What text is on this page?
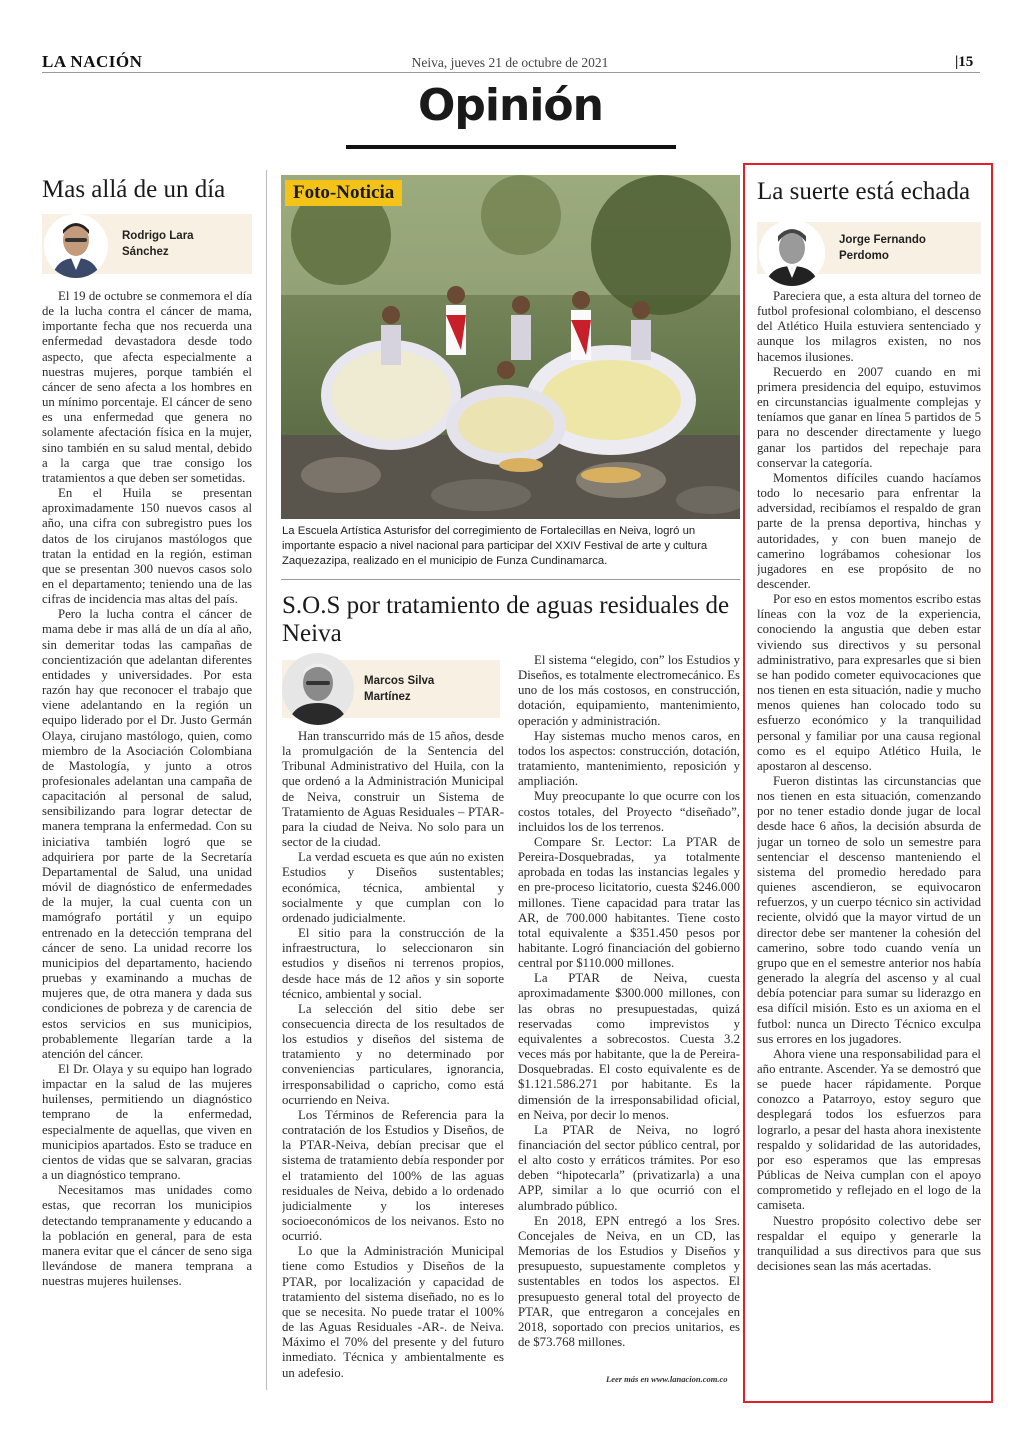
LA NACIÓN	Neiva, jueves 21 de octubre de 2021	|15
Opinión
Mas allá de un día
Rodrigo Lara
Sánchez

El 19 de octubre se conmemora el día de la lucha contra el cáncer de mama, importante fecha que nos recuerda una enfermedad devastadora desde todo aspecto, que afecta especialmente a nuestras mujeres, porque también el cáncer de seno afecta a los hombres en un mínimo porcentaje. El cáncer de seno es una enfermedad que genera no solamente afectación física en la mujer, sino también en su salud mental, debido a la carga que trae consigo los tratamientos a que deben ser sometidas.

En el Huila se presentan aproximadamente 150 nuevos casos al año, una cifra con subregistro pues los datos de los cirujanos mastólogos que tratan la entidad en la región, estiman que se presentan 300 nuevos casos solo en el departamento; teniendo una de las cifras de incidencia mas altas del país.

Pero la lucha contra el cáncer de mama debe ir mas allá de un día al año, sin demeritar todas las campañas de concientización que adelantan diferentes entidades y universidades. Por esta razón hay que reconocer el trabajo que viene adelantando en la región un equipo liderado por el Dr. Justo Germán Olaya, cirujano mastólogo, quien, como miembro de la Asociación Colombiana de Mastología, y junto a otros profesionales adelantan una campaña de capacitación al personal de salud, sensibilizando para lograr detectar de manera temprana la enfermedad. Con su iniciativa también logró que se adquiriera por parte de la Secretaría Departamental de Salud, una unidad móvil de diagnóstico de enfermedades de la mujer, la cual cuenta con un mamógrafo portátil y un equipo entrenado en la detección temprana del cáncer de seno. La unidad recorre los municipios del departamento, haciendo pruebas y examinando a muchas de mujeres que, de otra manera y dada sus condiciones de pobreza y de carencia de estos servicios en sus municipios, probablemente llegarían tarde a la atención del cáncer.

El Dr. Olaya y su equipo han logrado impactar en la salud de las mujeres huilenses, permitiendo un diagnóstico temprano de la enfermedad, especialmente de aquellas, que viven en municipios apartados. Esto se traduce en cientos de vidas que se salvaran, gracias a un diagnóstico temprano.

Necesitamos mas unidades como estas, que recorran los municipios detectando tempranamente y educando a la población en general, para de esta manera evitar que el cáncer de seno siga llevándose de manera temprana a nuestras mujeres huilenses.

Foto-Noticia
La Escuela Artística Asturisfor del corregimiento de Fortalecillas en Neiva, logró un importante espacio a nivel nacional para participar del XXIV Festival de arte y cultura Zaquezazipa, realizado en el municipio de Funza Cundinamarca.
S.O.S por tratamiento de aguas residuales de Neiva
Marcos Silva
Martínez

Han transcurrido más de 15 años, desde la promulgación de la Sentencia del Tribunal Administrativo del Huila, con la que ordenó a la Administración Municipal de Neiva, construir un Sistema de Tratamiento de Aguas Residuales – PTAR- para la ciudad de Neiva. No solo para un sector de la ciudad.

La verdad escueta es que aún no existen Estudios y Diseños sustentables; económica, técnica, ambiental y socialmente y que cumplan con lo ordenado judicialmente.

El sitio para la construcción de la infraestructura, lo seleccionaron sin estudios y diseños ni terrenos propios, desde hace más de 12 años y sin soporte técnico, ambiental y social.

La selección del sitio debe ser consecuencia directa de los resultados de los estudios y diseños del sistema de tratamiento y no determinado por conveniencias particulares, ignorancia, irresponsabilidad o capricho, como está ocurriendo en Neiva.

Los Términos de Referencia para la contratación de los Estudios y Diseños, de la PTAR-Neiva, debían precisar que el sistema de tratamiento debía responder por el tratamiento del 100% de las aguas residuales de Neiva, debido a lo ordenado judicialmente y los intereses socioeconómicos de los neivanos. Esto no ocurrió.

Lo que la Administración Municipal tiene como Estudios y Diseños de la PTAR, por localización y capacidad de tratamiento del sistema diseñado, no es lo que se necesita. No puede tratar el 100% de las Aguas Residuales -AR-. de Neiva. Máximo el 70% del presente y del futuro inmediato. Técnica y ambientalmente es un adefesio.

El sistema “elegido, con” los Estudios y Diseños, es totalmente electromecánico. Es uno de los más costosos, en construcción, dotación, equipamiento, mantenimiento, operación y administración.

Hay sistemas mucho menos caros, en todos los aspectos: construcción, dotación, tratamiento, mantenimiento, reposición y ampliación.

Muy preocupante lo que ocurre con los costos totales, del Proyecto “diseñado”, incluidos los de los terrenos.

Compare Sr. Lector: La PTAR de Pereira-Dosquebradas, ya totalmente aprobada en todas las instancias legales y en pre-proceso licitatorio, cuesta $246.000 millones. Tiene capacidad para tratar las AR, de 700.000 habitantes. Tiene costo total equivalente a $351.450 pesos por habitante. Logró financiación del gobierno central por $110.000 millones.

La PTAR de Neiva, cuesta aproximadamente $300.000 millones, con las obras no presupuestadas, quizá reservadas como imprevistos y equivalentes a sobrecostos. Cuesta 3.2 veces más por habitante, que la de Pereira-Dosquebradas. El costo equivalente es de $1.121.586.271 por habitante. Es la dimensión de la irresponsabilidad oficial, en Neiva, por decir lo menos.

La PTAR de Neiva, no logró financiación del sector público central, por el alto costo y erráticos trámites. Por eso deben “hipotecarla” (privatizarla) a una APP, similar a lo que ocurrió con el alumbrado público.

En 2018, EPN entregó a los Sres. Concejales de Neiva, en un CD, las Memorias de los Estudios y Diseños y presupuesto, supuestamente completos y sustentables en todos los aspectos. El presupuesto general total del proyecto de PTAR, que entregaron a concejales en 2018, soportado con precios unitarios, es de $73.768 millones.

Leer más en www.lanacion.com.co
La suerte está echada
Jorge Fernando
Perdomo

Pareciera que, a esta altura del torneo de futbol profesional colombiano, el descenso del Atlético Huila estuviera sentenciado y aunque los milagros existen, no nos hacemos ilusiones.

Recuerdo en 2007 cuando en mi primera presidencia del equipo, estuvimos en circunstancias igualmente complejas y teníamos que ganar en línea 5 partidos de 5 para no descender directamente y luego ganar los partidos del repechaje para conservar la categoría.

Momentos difíciles cuando hacíamos todo lo necesario para enfrentar la adversidad, recibíamos el respaldo de gran parte de la prensa deportiva, hinchas y autoridades, y con buen manejo de camerino lográbamos cohesionar los jugadores en ese propósito de no descender.

Por eso en estos momentos escribo estas líneas con la voz de la experiencia, conociendo la angustia que deben estar viviendo sus directivos y su personal administrativo, para expresarles que si bien se han podido cometer equivocaciones que nos tienen en esta situación, nadie y mucho menos quienes han colocado todo su esfuerzo económico y la tranquilidad personal y familiar por una causa regional como es el equipo Atlético Huila, le apostaron al descenso.

Fueron distintas las circunstancias que nos tienen en esta situación, comenzando por no tener estadio donde jugar de local desde hace 6 años, la decisión absurda de jugar un torneo de solo un semestre para sentenciar el descenso manteniendo el sistema del promedio heredado para quienes ascendieron, se equivocaron refuerzos, y un cuerpo técnico sin actividad reciente, olvidó que la mayor virtud de un director debe ser mantener la cohesión del camerino, sobre todo cuando venía un grupo que en el semestre anterior nos había generado la alegría del ascenso y al cual debía potenciar para sumar su liderazgo en esa difícil misión. Esto es un axioma en el futbol: nunca un Directo Técnico exculpa sus errores en los jugadores.

Ahora viene una responsabilidad para el año entrante. Ascender. Ya se demostró que se puede hacer rápidamente. Porque conozco a Patarroyo, estoy seguro que desplegará todos los esfuerzos para lograrlo, a pesar del hasta ahora inexistente respaldo y solidaridad de las autoridades, por eso esperamos que las empresas Públicas de Neiva cumplan con el apoyo comprometido y reflejado en el logo de la camiseta.

Nuestro propósito colectivo debe ser respaldar el equipo y generarle la tranquilidad a sus directivos para que sus decisiones sean las más acertadas.
